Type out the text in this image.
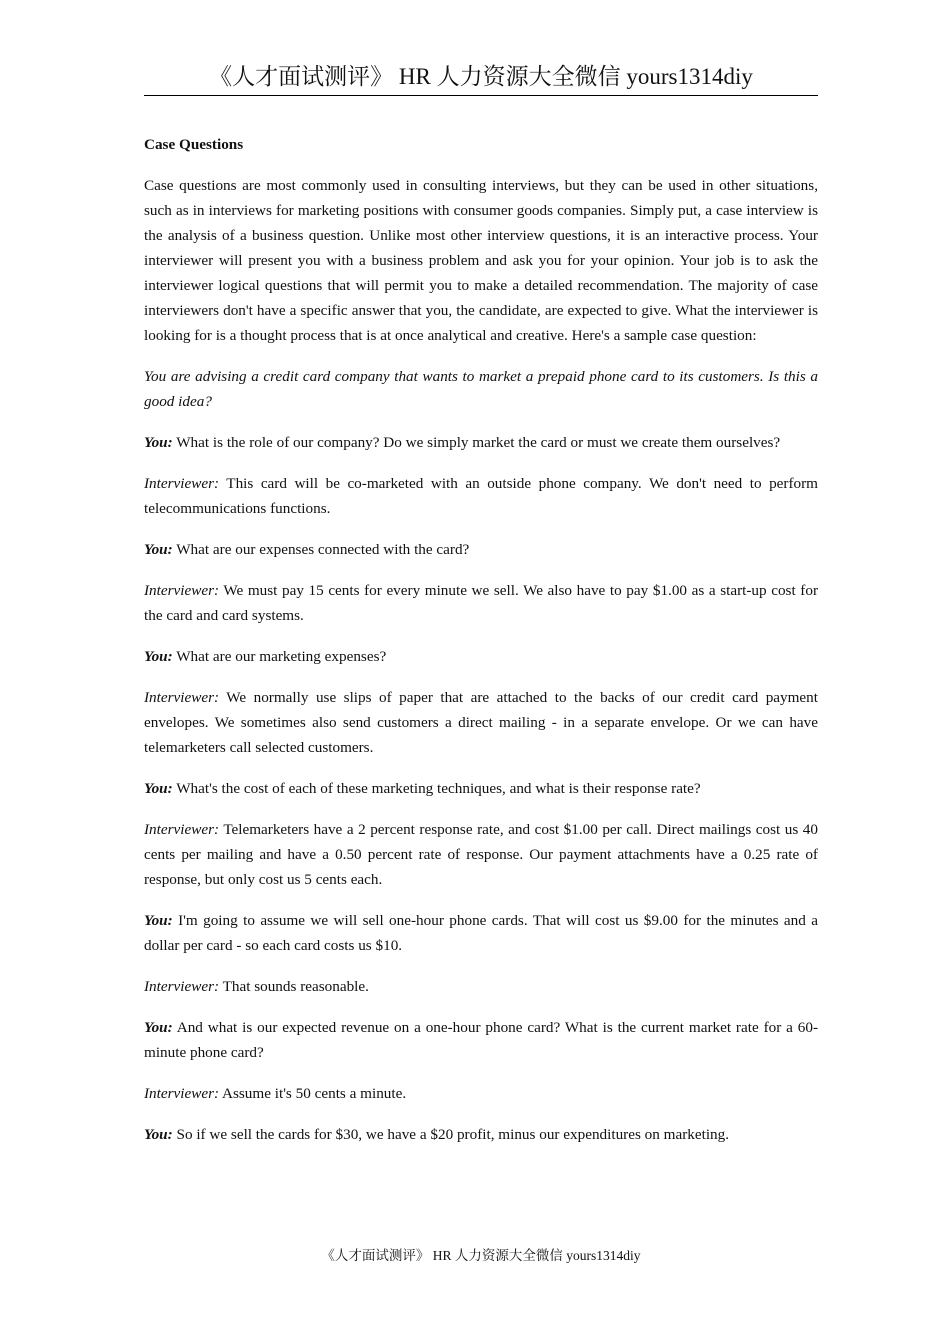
《人才面试测评》 HR 人力资源大全微信 yours1314diy

Case Questions

Case questions are most commonly used in consulting interviews, but they can be used in other situations, such as in interviews for marketing positions with consumer goods companies. Simply put, a case interview is the analysis of a business question. Unlike most other interview questions, it is an interactive process. Your interviewer will present you with a business problem and ask you for your opinion. Your job is to ask the interviewer logical questions that will permit you to make a detailed recommendation. The majority of case interviewers don't have a specific answer that you, the candidate, are expected to give. What the interviewer is looking for is a thought process that is at once analytical and creative. Here's a sample case question:

You are advising a credit card company that wants to market a prepaid phone card to its customers. Is this a good idea?

You: What is the role of our company? Do we simply market the card or must we create them ourselves?

Interviewer: This card will be co-marketed with an outside phone company. We don't need to perform telecommunications functions.

You: What are our expenses connected with the card?

Interviewer: We must pay 15 cents for every minute we sell. We also have to pay $1.00 as a start-up cost for the card and card systems.

You: What are our marketing expenses?

Interviewer: We normally use slips of paper that are attached to the backs of our credit card payment envelopes. We sometimes also send customers a direct mailing - in a separate envelope. Or we can have telemarketers call selected customers.

You: What's the cost of each of these marketing techniques, and what is their response rate?

Interviewer: Telemarketers have a 2 percent response rate, and cost $1.00 per call. Direct mailings cost us 40 cents per mailing and have a 0.50 percent rate of response. Our payment attachments have a 0.25 rate of response, but only cost us 5 cents each.

You: I'm going to assume we will sell one-hour phone cards. That will cost us $9.00 for the minutes and a dollar per card - so each card costs us $10.

Interviewer: That sounds reasonable.

You: And what is our expected revenue on a one-hour phone card? What is the current market rate for a 60-minute phone card?

Interviewer: Assume it's 50 cents a minute.

You: So if we sell the cards for $30, we have a $20 profit, minus our expenditures on marketing.

《人才面试测评》 HR 人力资源大全微信 yours1314diy
